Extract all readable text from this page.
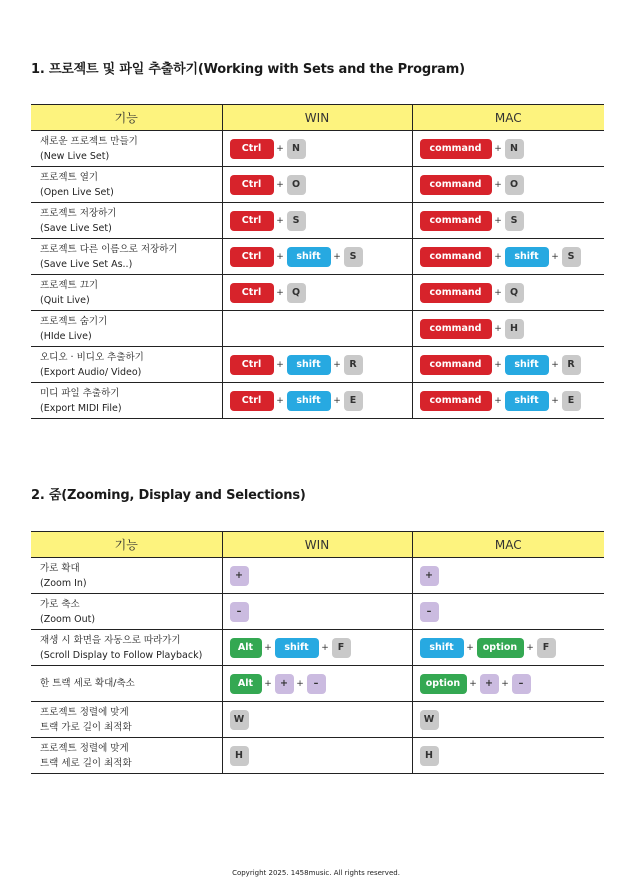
1. 프로젝트 및 파일 추출하기(Working with Sets and the Program)
기능	WIN	MAC

새로운 프로젝트 만들기
(New Live Set)	Ctrl + N	command + N

프로젝트 열기
(Open Live Set)	Ctrl + O	command + O

프로젝트 저장하기
(Save Live Set)	Ctrl + S	command + S

프로젝트 다른 이름으로 저장하기
(Save Live Set As..)	Ctrl + shift + S	command + shift + S

프로젝트 끄기
(Quit Live)	Ctrl + Q	command + Q

프로젝트 숨기기
(HIde Live)		command + H

오디오 · 비디오 추출하기
(Export Audio/ Video)	Ctrl + shift + R	command + shift + R

미디 파일 추출하기
(Export MIDI File)	Ctrl + shift + E	command + shift + E
2. 줌(Zooming, Display and Selections)
기능	WIN	MAC

가로 확대
(Zoom In)	+	+

가로 축소
(Zoom Out)	–	–

재생 시 화면을 자동으로 따라가기
(Scroll Display to Follow Playback)	Alt + shift + F	shift + option + F

한 트랙 세로 확대/축소	Alt + + + –	option + + + –

프로젝트 정렬에 맞게
트랙 가로 길이 최적화	W	W

프로젝트 정렬에 맞게
트랙 세로 길이 최적화	H	H
Copyright 2025. 1458music. All rights reserved.
